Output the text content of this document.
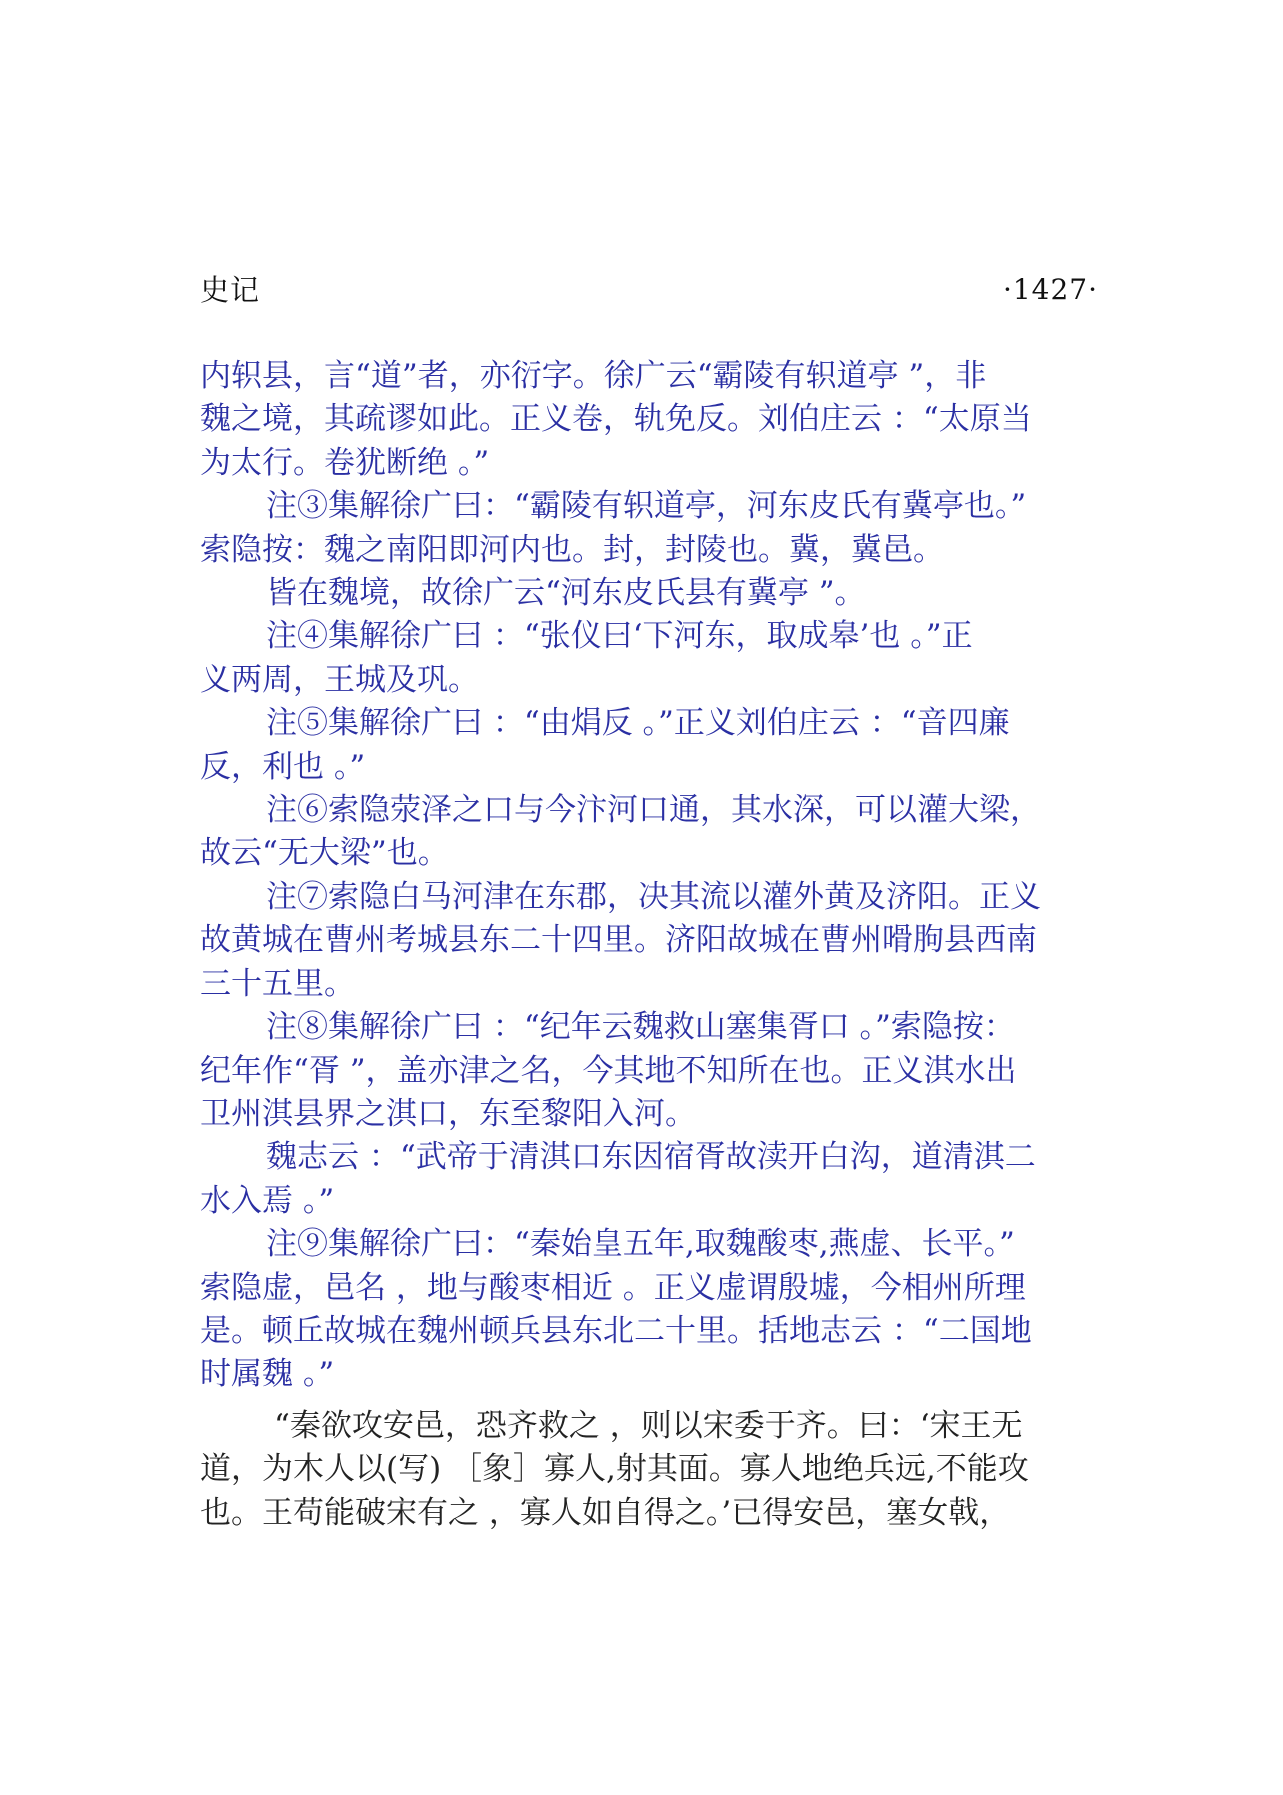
史记	·1427·

内轵县，言“道”者，亦衍字。徐广云“霸陵有轵道亭 ”，非
魏之境，其疏谬如此。正义卷，轨免反。刘伯庄云 ：“太原当
为太行。卷犹断绝 。”

注③集解徐广曰：“霸陵有轵道亭，河东皮氏有冀亭也。”
索隐按：魏之南阳即河内也。封，封陵也。冀，冀邑。

皆在魏境，故徐广云“河东皮氏县有冀亭 ”。

注④集解徐广曰 ：“张仪曰‘下河东，取成皋’也 。”正
义两周，王城及巩。

注⑤集解徐广曰 ：“由焆反 。”正义刘伯庄云 ：“音四廉
反，利也 。”

注⑥索隐荥泽之口与今汴河口通，其水深，可以灌大梁，
故云“无大梁”也。

注⑦索隐白马河津在东郡，决其流以灌外黄及济阳。正义
故黄城在曹州考城县东二十四里。济阳故城在曹州嗗朐县西南
三十五里。

注⑧集解徐广曰 ：“纪年云魏救山塞集胥口 。”索隐按：
纪年作“胥 ”，盖亦津之名，今其地不知所在也。正义淇水出
卫州淇县界之淇口，东至黎阳入河。

魏志云 ：“武帝于清淇口东因宿胥故渎开白沟，道清淇二
水入焉 。”

注⑨集解徐广曰：“秦始皇五年,取魏酸枣,燕虚、长平。”
索隐虚，邑名 ，地与酸枣相近 。正义虚谓殷墟，今相州所理
是。顿丘故城在魏州顿兵县东北二十里。括地志云 ：“二国地
时属魏 。”

“秦欲攻安邑，恐齐救之 ，则以宋委于齐。曰：‘宋王无
道，为木人以(写) ［象］寡人,射其面。寡人地绝兵远,不能攻
也。王苟能破宋有之 ，寡人如自得之。’已得安邑，塞女戟，
